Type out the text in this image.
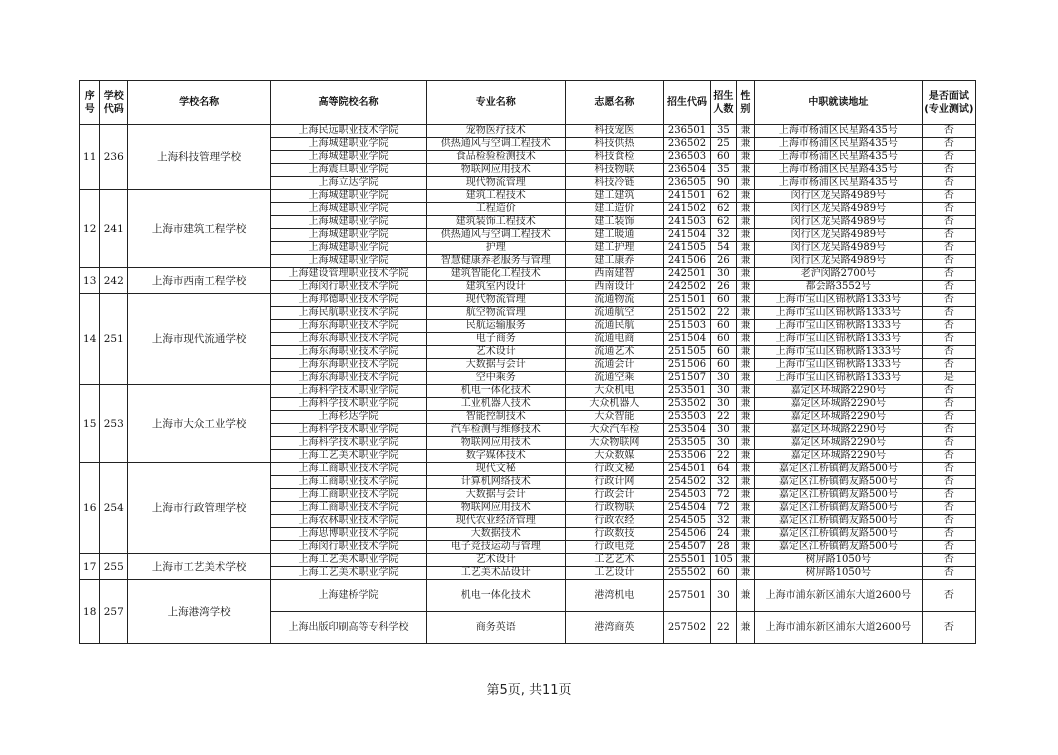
序号	学校代码	学校名称	高等院校名称	专业名称	志愿名称	招生代码	招生人数	性别	中职就读地址	是否面试(专业测试)
11	236	上海科技管理学校	上海民远职业技术学院	宠物医疗技术	科技宠医	236501	35	兼	上海市杨浦区民星路435号	否
			上海城建职业学院	供热通风与空调工程技术	科技供热	236502	25	兼	上海市杨浦区民星路435号	否
			上海城建职业学院	食品检验检测技术	科技食检	236503	60	兼	上海市杨浦区民星路435号	否
			上海震旦职业学院	物联网应用技术	科技物联	236504	35	兼	上海市杨浦区民星路435号	否
			上海立达学院	现代物流管理	科技冷链	236505	90	兼	上海市杨浦区民星路435号	否
12	241	上海市建筑工程学校	上海城建职业学院	建筑工程技术	建工建筑	241501	62	兼	闵行区龙吴路4989号	否
			上海城建职业学院	工程造价	建工造价	241502	62	兼	闵行区龙吴路4989号	否
			上海城建职业学院	建筑装饰工程技术	建工装饰	241503	62	兼	闵行区龙吴路4989号	否
			上海城建职业学院	供热通风与空调工程技术	建工暖通	241504	32	兼	闵行区龙吴路4989号	否
			上海城建职业学院	护理	建工护理	241505	54	兼	闵行区龙吴路4989号	否
			上海城建职业学院	智慧健康养老服务与管理	建工康养	241506	26	兼	闵行区龙吴路4989号	否
13	242	上海市西南工程学校	上海建设管理职业技术学院	建筑智能化工程技术	西南建智	242501	30	兼	老沪闵路2700号	否
			上海闵行职业技术学院	建筑室内设计	西南设计	242502	26	兼	都会路3552号	否
14	251	上海市现代流通学校	上海邦德职业技术学院	现代物流管理	流通物流	251501	60	兼	上海市宝山区锦秋路1333号	否
			上海民航职业技术学院	航空物流管理	流通航空	251502	22	兼	上海市宝山区锦秋路1333号	否
			上海东海职业技术学院	民航运输服务	流通民航	251503	60	兼	上海市宝山区锦秋路1333号	否
			上海东海职业技术学院	电子商务	流通电商	251504	60	兼	上海市宝山区锦秋路1333号	否
			上海东海职业技术学院	艺术设计	流通艺术	251505	60	兼	上海市宝山区锦秋路1333号	否
			上海东海职业技术学院	大数据与会计	流通会计	251506	60	兼	上海市宝山区锦秋路1333号	否
			上海东海职业技术学院	空中乘务	流通空乘	251507	30	兼	上海市宝山区锦秋路1333号	是
15	253	上海市大众工业学校	上海科学技术职业学院	机电一体化技术	大众机电	253501	30	兼	嘉定区环城路2290号	否
			上海科学技术职业学院	工业机器人技术	大众机器人	253502	30	兼	嘉定区环城路2290号	否
			上海杉达学院	智能控制技术	大众智能	253503	22	兼	嘉定区环城路2290号	否
			上海科学技术职业学院	汽车检测与维修技术	大众汽车检	253504	30	兼	嘉定区环城路2290号	否
			上海科学技术职业学院	物联网应用技术	大众物联网	253505	30	兼	嘉定区环城路2290号	否
			上海工艺美术职业学院	数字媒体技术	大众数媒	253506	22	兼	嘉定区环城路2290号	否
16	254	上海市行政管理学校	上海工商职业技术学院	现代文秘	行政文秘	254501	64	兼	嘉定区江桥镇鹤友路500号	否
			上海工商职业技术学院	计算机网络技术	行政计网	254502	32	兼	嘉定区江桥镇鹤友路500号	否
			上海工商职业技术学院	大数据与会计	行政会计	254503	72	兼	嘉定区江桥镇鹤友路500号	否
			上海工商职业技术学院	物联网应用技术	行政物联	254504	72	兼	嘉定区江桥镇鹤友路500号	否
			上海农林职业技术学院	现代农业经济管理	行政农经	254505	32	兼	嘉定区江桥镇鹤友路500号	否
			上海思博职业技术学院	大数据技术	行政数技	254506	24	兼	嘉定区江桥镇鹤友路500号	否
			上海闵行职业技术学院	电子竞技运动与管理	行政电竞	254507	28	兼	嘉定区江桥镇鹤友路500号	否
17	255	上海市工艺美术学校	上海工艺美术职业学院	艺术设计	工艺艺术	255501	105	兼	树屏路1050号	否
			上海工艺美术职业学院	工艺美术品设计	工艺设计	255502	60	兼	树屏路1050号	否
18	257	上海港湾学校	上海建桥学院	机电一体化技术	港湾机电	257501	30	兼	上海市浦东新区浦东大道2600号	否
			上海出版印刷高等专科学校	商务英语	港湾商英	257502	22	兼	上海市浦东新区浦东大道2600号	否
第5页, 共11页
